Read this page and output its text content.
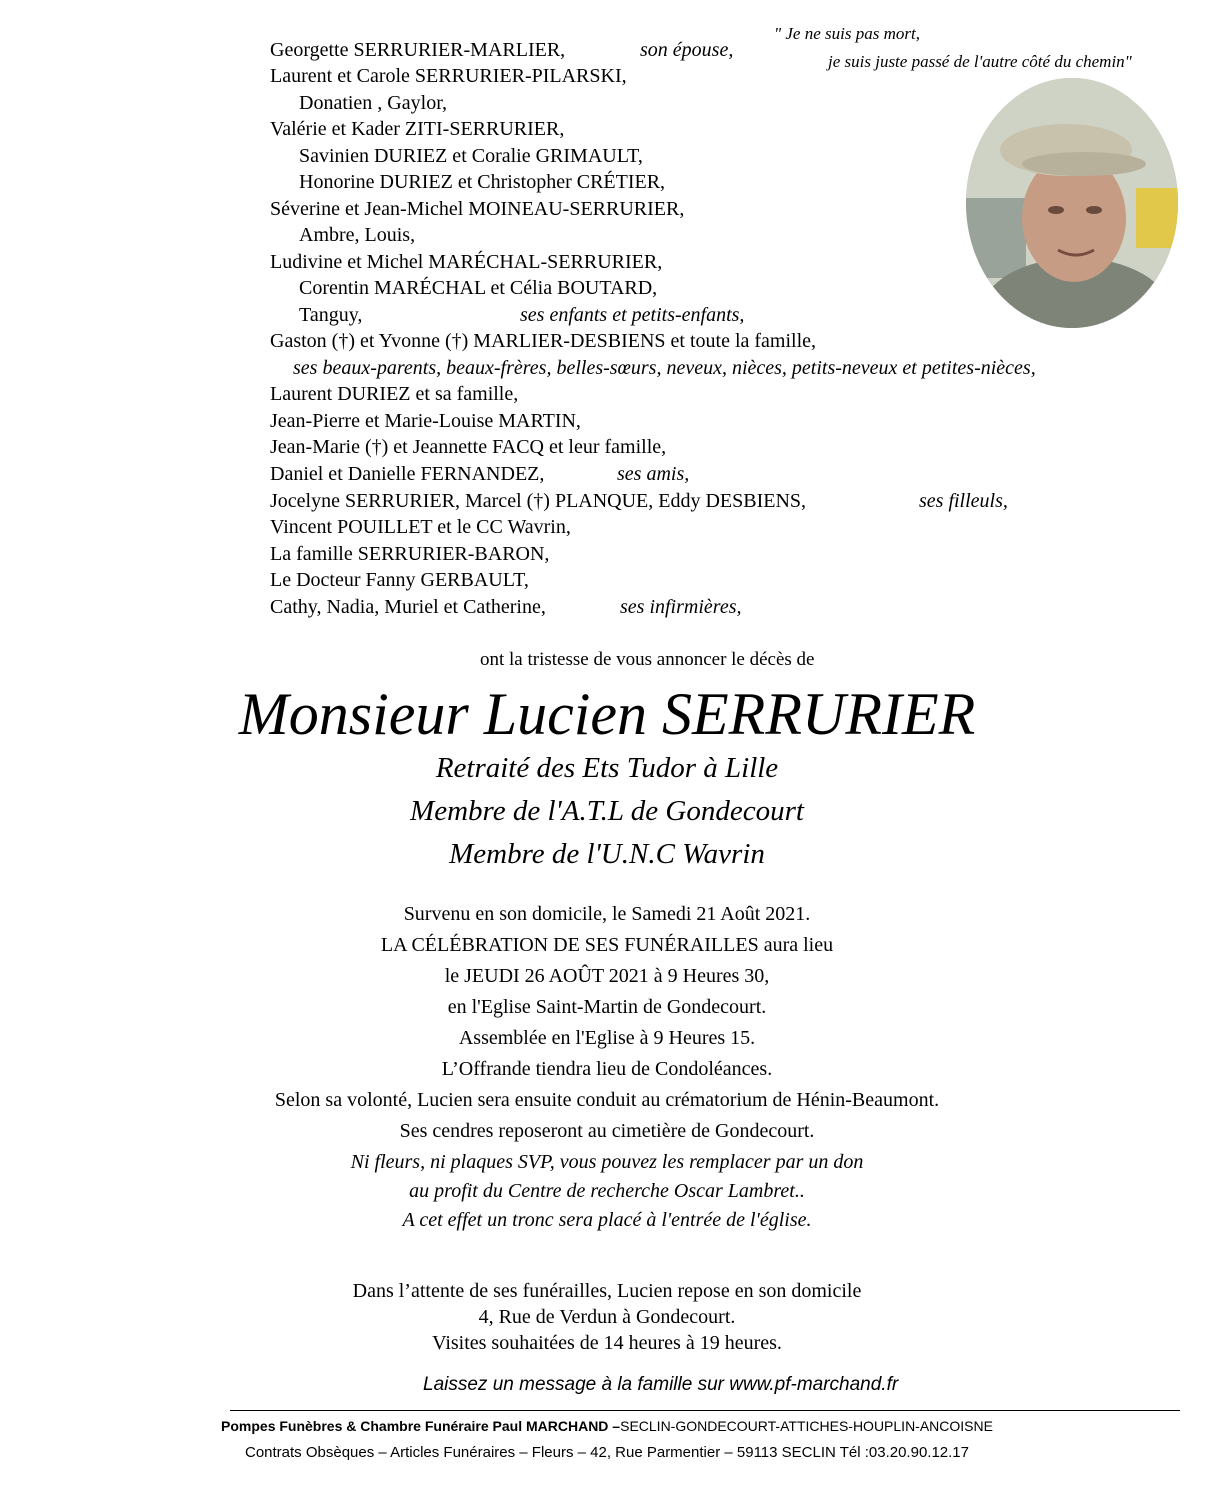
" Je ne suis pas mort,
je suis juste passé de l'autre côté du chemin"
Georgette SERRURIER-MARLIER,	son épouse,
Laurent et Carole SERRURIER-PILARSKI,
Donatien , Gaylor,
Valérie et Kader ZITI-SERRURIER,
Savinien DURIEZ et Coralie GRIMAULT,
Honorine DURIEZ et Christopher CRÉTIER,
Séverine et Jean-Michel MOINEAU-SERRURIER,
Ambre, Louis,
Ludivine et Michel MARÉCHAL-SERRURIER,
Corentin MARÉCHAL et Célia BOUTARD,
Tanguy,	ses enfants et petits-enfants,
Gaston (†) et Yvonne (†) MARLIER-DESBIENS et toute la famille,
ses beaux-parents, beaux-frères, belles-sœurs, neveux, nièces, petits-neveux et petites-nièces,
Laurent DURIEZ et sa famille,
Jean-Pierre et Marie-Louise MARTIN,
Jean-Marie (†) et Jeannette FACQ et leur famille,
Daniel et Danielle FERNANDEZ,	ses amis,
Jocelyne SERRURIER, Marcel (†) PLANQUE, Eddy DESBIENS,	ses filleuls,
Vincent POUILLET et le CC Wavrin,
La famille SERRURIER-BARON,
Le Docteur Fanny GERBAULT,
Cathy, Nadia, Muriel et Catherine,	ses infirmières,
ont la tristesse de vous annoncer le décès de
Monsieur Lucien SERRURIER
Retraité des Ets Tudor à Lille
Membre de l'A.T.L de Gondecourt
Membre de l'U.N.C Wavrin
Survenu en son domicile, le Samedi 21 Août 2021.
LA CÉLÉBRATION DE SES FUNÉRAILLES aura lieu
le JEUDI 26 AOÛT 2021 à 9 Heures 30,
en l'Eglise Saint-Martin de Gondecourt.
Assemblée en l'Eglise à 9 Heures 15.
L’Offrande tiendra lieu de Condoléances.
Selon sa volonté, Lucien sera ensuite conduit au crématorium de Hénin-Beaumont.
Ses cendres reposeront au cimetière de Gondecourt.
Ni fleurs, ni plaques SVP, vous pouvez les remplacer par un don
au profit du Centre de recherche Oscar Lambret..
A cet effet un tronc sera placé à l'entrée de l'église.
Dans l’attente de ses funérailles, Lucien repose en son domicile
4, Rue de Verdun à Gondecourt.
Visites souhaitées de 14 heures à 19 heures.
Laissez un message à la famille sur www.pf-marchand.fr
Pompes Funèbres & Chambre Funéraire Paul MARCHAND –SECLIN-GONDECOURT-ATTICHES-HOUPLIN-ANCOISNE
Contrats Obsèques – Articles Funéraires – Fleurs – 42, Rue Parmentier – 59113 SECLIN Tél :03.20.90.12.17
